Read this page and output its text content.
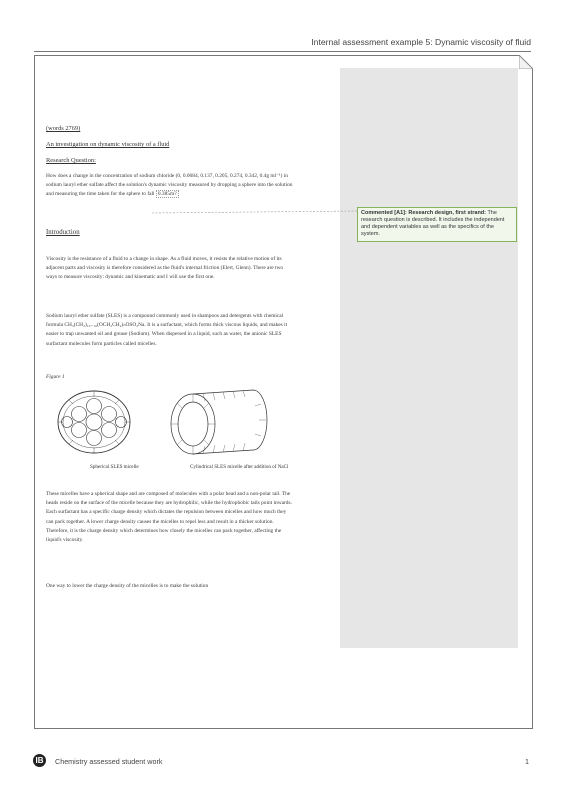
Internal assessment example 5: Dynamic viscosity of fluid
(words 2769)
An investigation on dynamic viscosity of a fluid
Research Question:
How does a change in the concentration of sodium chloride (0, 0.0684, 0.137, 0.205, 0.274, 0.342, 0.4g ml⁻¹) in sodium lauryl ether sulfate affect the solution's dynamic viscosity measured by dropping a sphere into the solution and measuring the time taken for the sphere to fall 0.385m?
Introduction
Viscosity is the resistance of a fluid to a change in shape. As a fluid moves, it resists the relative motion of its adjacent parts and viscosity is therefore considered as the fluid's internal friction (Elert, Glenn). There are two ways to measure viscosity: dynamic and kinematic and I will use the first one.
Sodium lauryl ether sulfate (SLES) is a compound commonly used in shampoos and detergents with chemical formula CH₃(CH₂)₁₀₋₁₆(OCH₂CH₂)ₙOSO₃Na. It is a surfactant, which forms thick viscous liquids, and makes it easier to trap unwanted oil and grease (Sodium). When dispersed in a liquid, such as water, the anionic SLES surfactant molecules form particles called micelles.
Figure 1
Spherical SLES micelle	Cylindrical SLES micelle after addition of NaCl
These micelles have a spherical shape and are composed of molecules with a polar head and a non-polar tail. The heads reside on the surface of the micelle because they are hydrophilic, while the hydrophobic tails point inwards. Each surfactant has a specific charge density which dictates the repulsion between micelles and how much they can pack together. A lower charge density causes the micelles to repel less and result in a thicker solution. Therefore, it is the charge density which determines how closely the micelles can pack together, affecting the liquid's viscosity.
One way to lower the charge density of the micelles is to make the solution
Commented [A1]: Research design, first strand: The research question is described. It includes the independent and dependent variables as well as the specifics of the system.
IB	Chemistry assessed student work	1
